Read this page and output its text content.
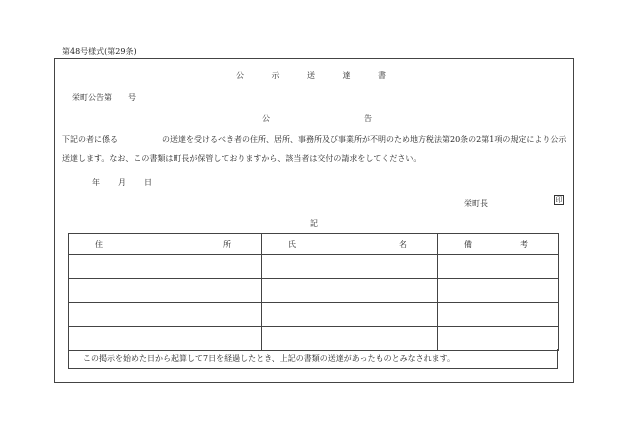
第48号様式(第29条)
公	示	送	達	書
栄町公告第 号
公	告
下記の者に係る	の送達を受けるべき者の住所、居所、事務所及び事業所が不明のため地方税法第20条の2第1項の規定により公示送達します。なお、この書類は町長が保管しておりますから、該当者は交付の請求をしてください。
年 月 日
栄町長	印
記
住 所	氏 名	備 考

この掲示を始めた日から起算して7日を経過したとき、上記の書類の送達があったものとみなされます。
